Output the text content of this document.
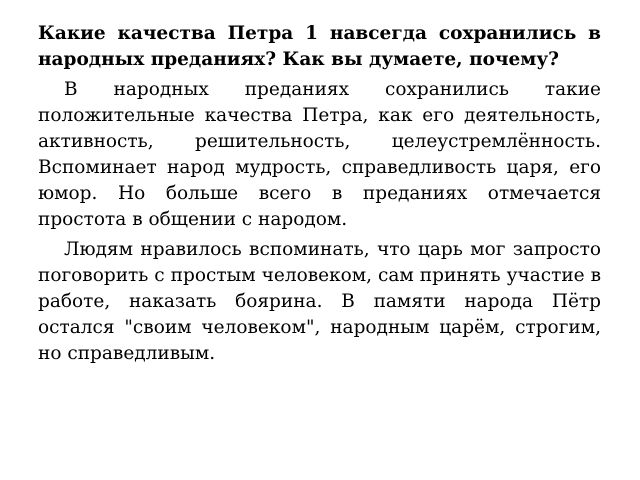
Какие качества Петра 1 навсегда сохранились в народных преданиях? Как вы думаете, почему?

В народных преданиях сохранились такие положительные качества Петра, как его деятельность, активность, решительность, целеустремлённость. Вспоминает народ мудрость, справедливость царя, его юмор. Но больше всего в преданиях отмечается простота в общении с народом.

Людям нравилось вспоминать, что царь мог запросто поговорить с простым человеком, сам принять участие в работе, наказать боярина. В памяти народа Пётр остался "своим человеком", народным царём, строгим, но справедливым.
